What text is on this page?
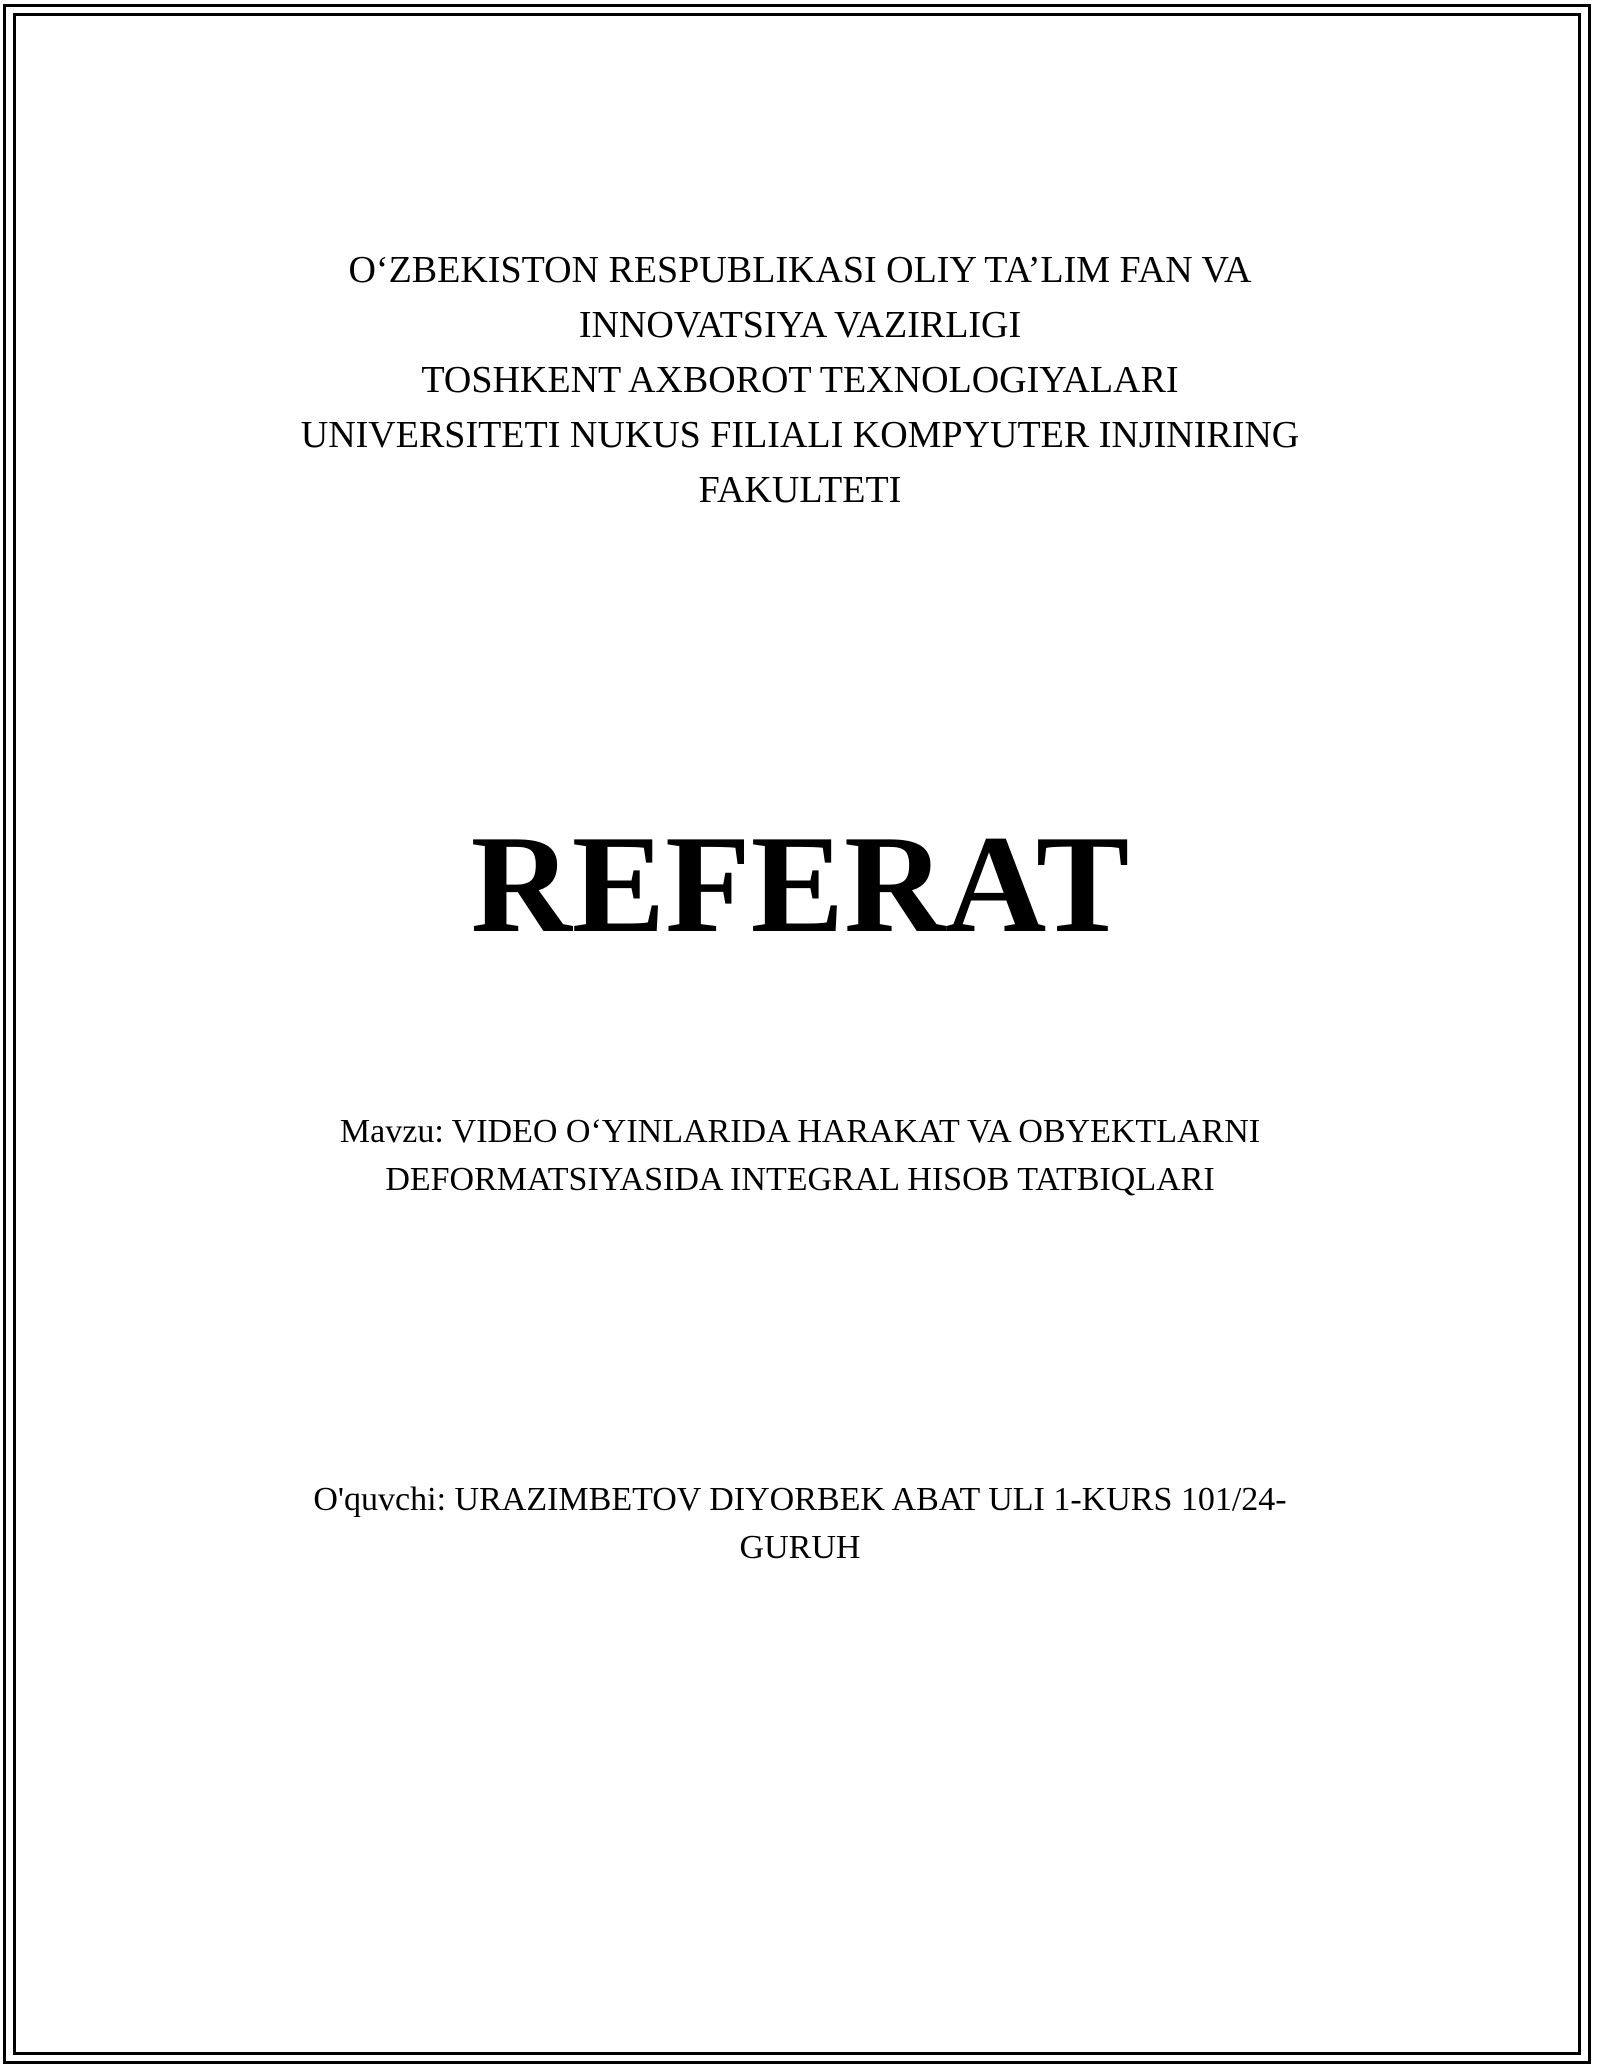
O‘ZBEKISTON RESPUBLIKASI OLIY TA’LIM FAN VA
INNOVATSIYA VAZIRLIGI
TOSHKENT AXBOROT TEXNOLOGIYALARI
UNIVERSITETI NUKUS FILIALI KOMPYUTER INJINIRING
FAKULTETI
REFERAT
Mavzu: VIDEO O‘YINLARIDA HARAKAT VA OBYEKTLARNI
DEFORMATSIYASIDA INTEGRAL HISOB TATBIQLARI
O'quvchi: URAZIMBETOV DIYORBEK ABAT ULI 1-KURS 101/24-
GURUH
